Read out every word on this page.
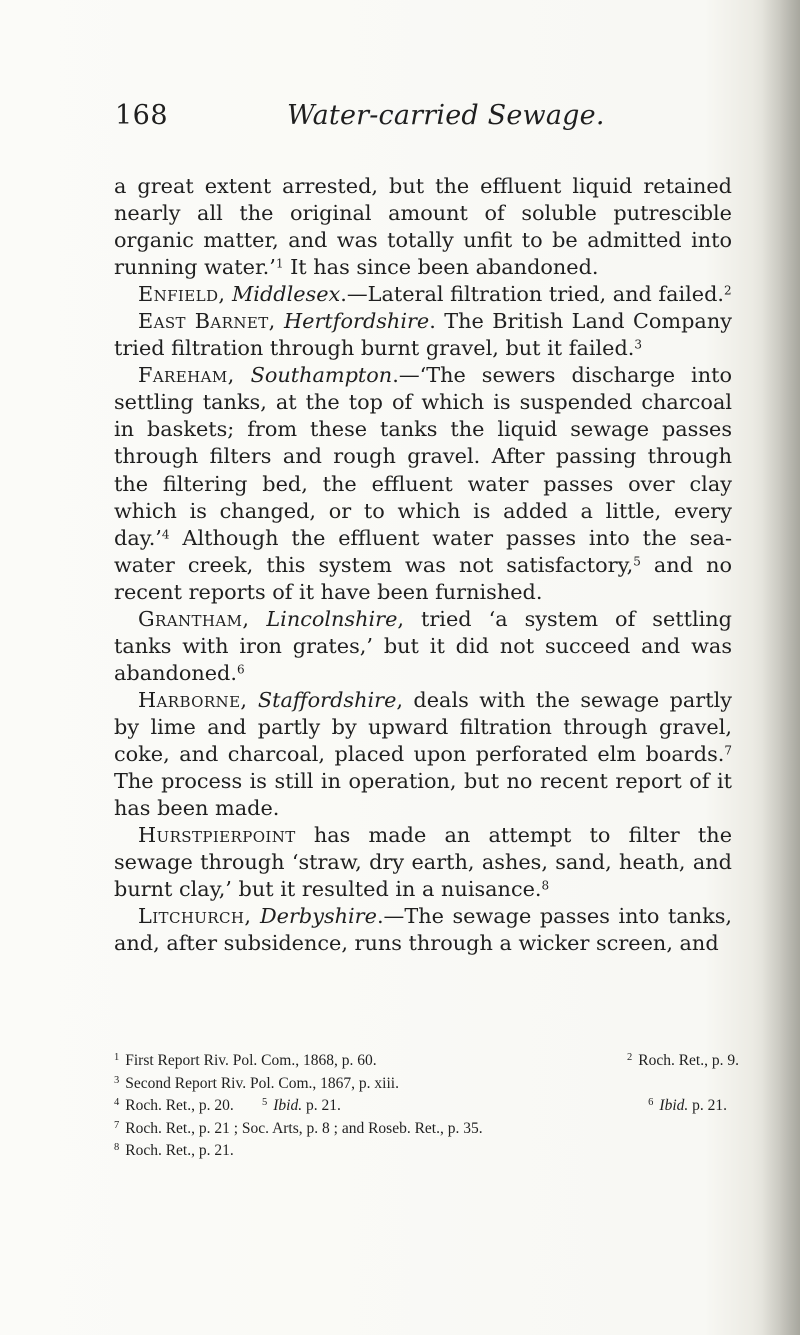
168	Water-carried Sewage.

a great extent arrested, but the effluent liquid retained nearly all the original amount of soluble putrescible organic matter, and was totally unfit to be admitted into running water.’$^1$ It has since been abandoned.

Enfield, Middlesex.—Lateral filtration tried, and failed.$^2$

East Barnet, Hertfordshire. The British Land Company tried filtration through burnt gravel, but it failed.$^3$

Fareham, Southampton.—‘The sewers discharge into settling tanks, at the top of which is suspended charcoal in baskets; from these tanks the liquid sewage passes through filters and rough gravel. After passing through the filtering bed, the effluent water passes over clay which is changed, or to which is added a little, every day.’$^4$ Although the effluent water passes into the sea-water creek, this system was not satisfactory,$^5$ and no recent reports of it have been furnished.

Grantham, Lincolnshire, tried ‘a system of settling tanks with iron grates,’ but it did not succeed and was abandoned.$^6$

Harborne, Staffordshire, deals with the sewage partly by lime and partly by upward filtration through gravel, coke, and charcoal, placed upon perforated elm boards.$^7$ The process is still in operation, but no recent report of it has been made.

Hurstpierpoint has made an attempt to filter the sewage through ‘straw, dry earth, ashes, sand, heath, and burnt clay,’ but it resulted in a nuisance.$^8$

Litchurch, Derbyshire.—The sewage passes into tanks, and, after subsidence, runs through a wicker screen, and

$^1$ First Report Riv. Pol. Com., 1868, p. 60.	$^2$ Roch. Ret., p. 9.
$^3$ Second Report Riv. Pol. Com., 1867, p. xiii.
$^4$ Roch. Ret., p. 20.	$^5$ Ibid. p. 21.	$^6$ Ibid. p. 21.
$^7$ Roch. Ret., p. 21 ; Soc. Arts, p. 8 ; and Roseb. Ret., p. 35.
$^8$ Roch. Ret., p. 21.
